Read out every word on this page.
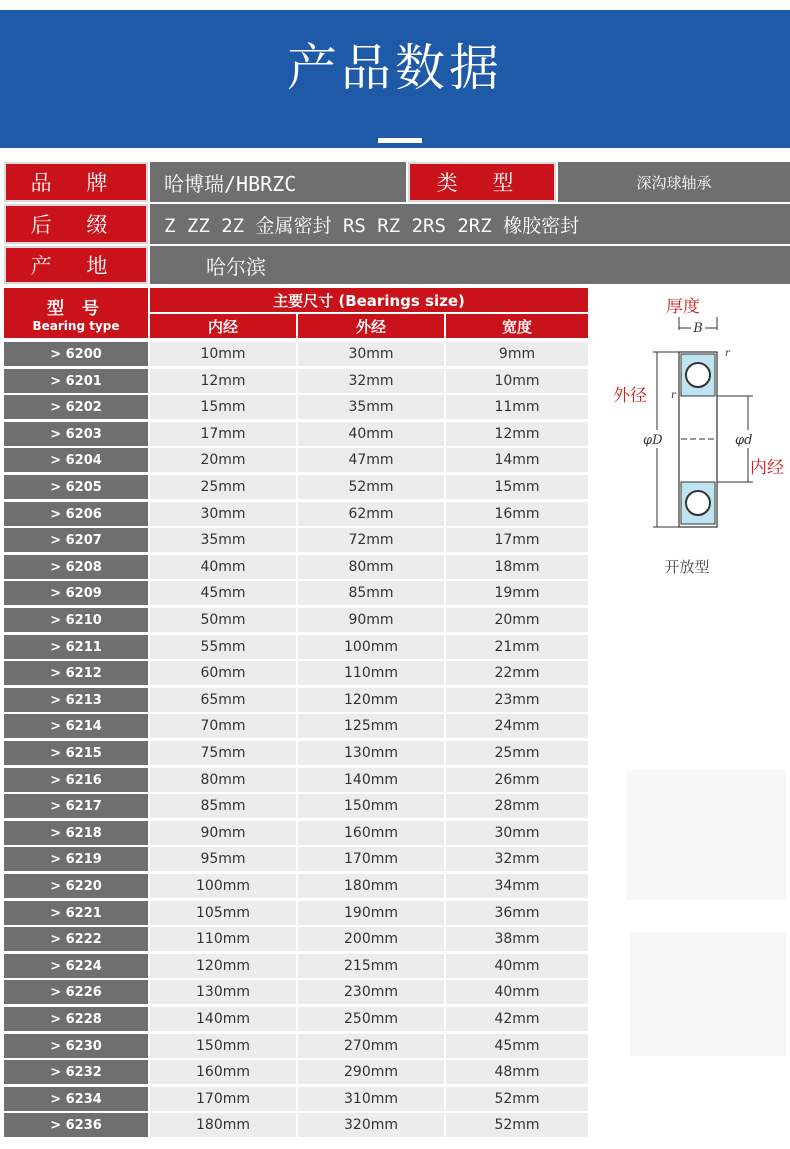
产品数据
品 牌	哈博瑞/HBRZC	类 型	深沟球轴承
后 缀	Z ZZ 2Z 金属密封 RS RZ 2RS 2RZ 橡胶密封
产 地	哈尔滨
型 号
Bearing type
主要尺寸 (Bearings size)
内经	外经	宽度
> 6200	10mm	30mm	9mm
> 6201	12mm	32mm	10mm
> 6202	15mm	35mm	11mm
> 6203	17mm	40mm	12mm
> 6204	20mm	47mm	14mm
> 6205	25mm	52mm	15mm
> 6206	30mm	62mm	16mm
> 6207	35mm	72mm	17mm
> 6208	40mm	80mm	18mm
> 6209	45mm	85mm	19mm
> 6210	50mm	90mm	20mm
> 6211	55mm	100mm	21mm
> 6212	60mm	110mm	22mm
> 6213	65mm	120mm	23mm
> 6214	70mm	125mm	24mm
> 6215	75mm	130mm	25mm
> 6216	80mm	140mm	26mm
> 6217	85mm	150mm	28mm
> 6218	90mm	160mm	30mm
> 6219	95mm	170mm	32mm
> 6220	100mm	180mm	34mm
> 6221	105mm	190mm	36mm
> 6222	110mm	200mm	38mm
> 6224	120mm	215mm	40mm
> 6226	130mm	230mm	40mm
> 6228	140mm	250mm	42mm
> 6230	150mm	270mm	45mm
> 6232	160mm	290mm	48mm
> 6234	170mm	310mm	52mm
> 6236	180mm	320mm	52mm
厚度
B
r
外径
φD
r
φd
内经
开放型
